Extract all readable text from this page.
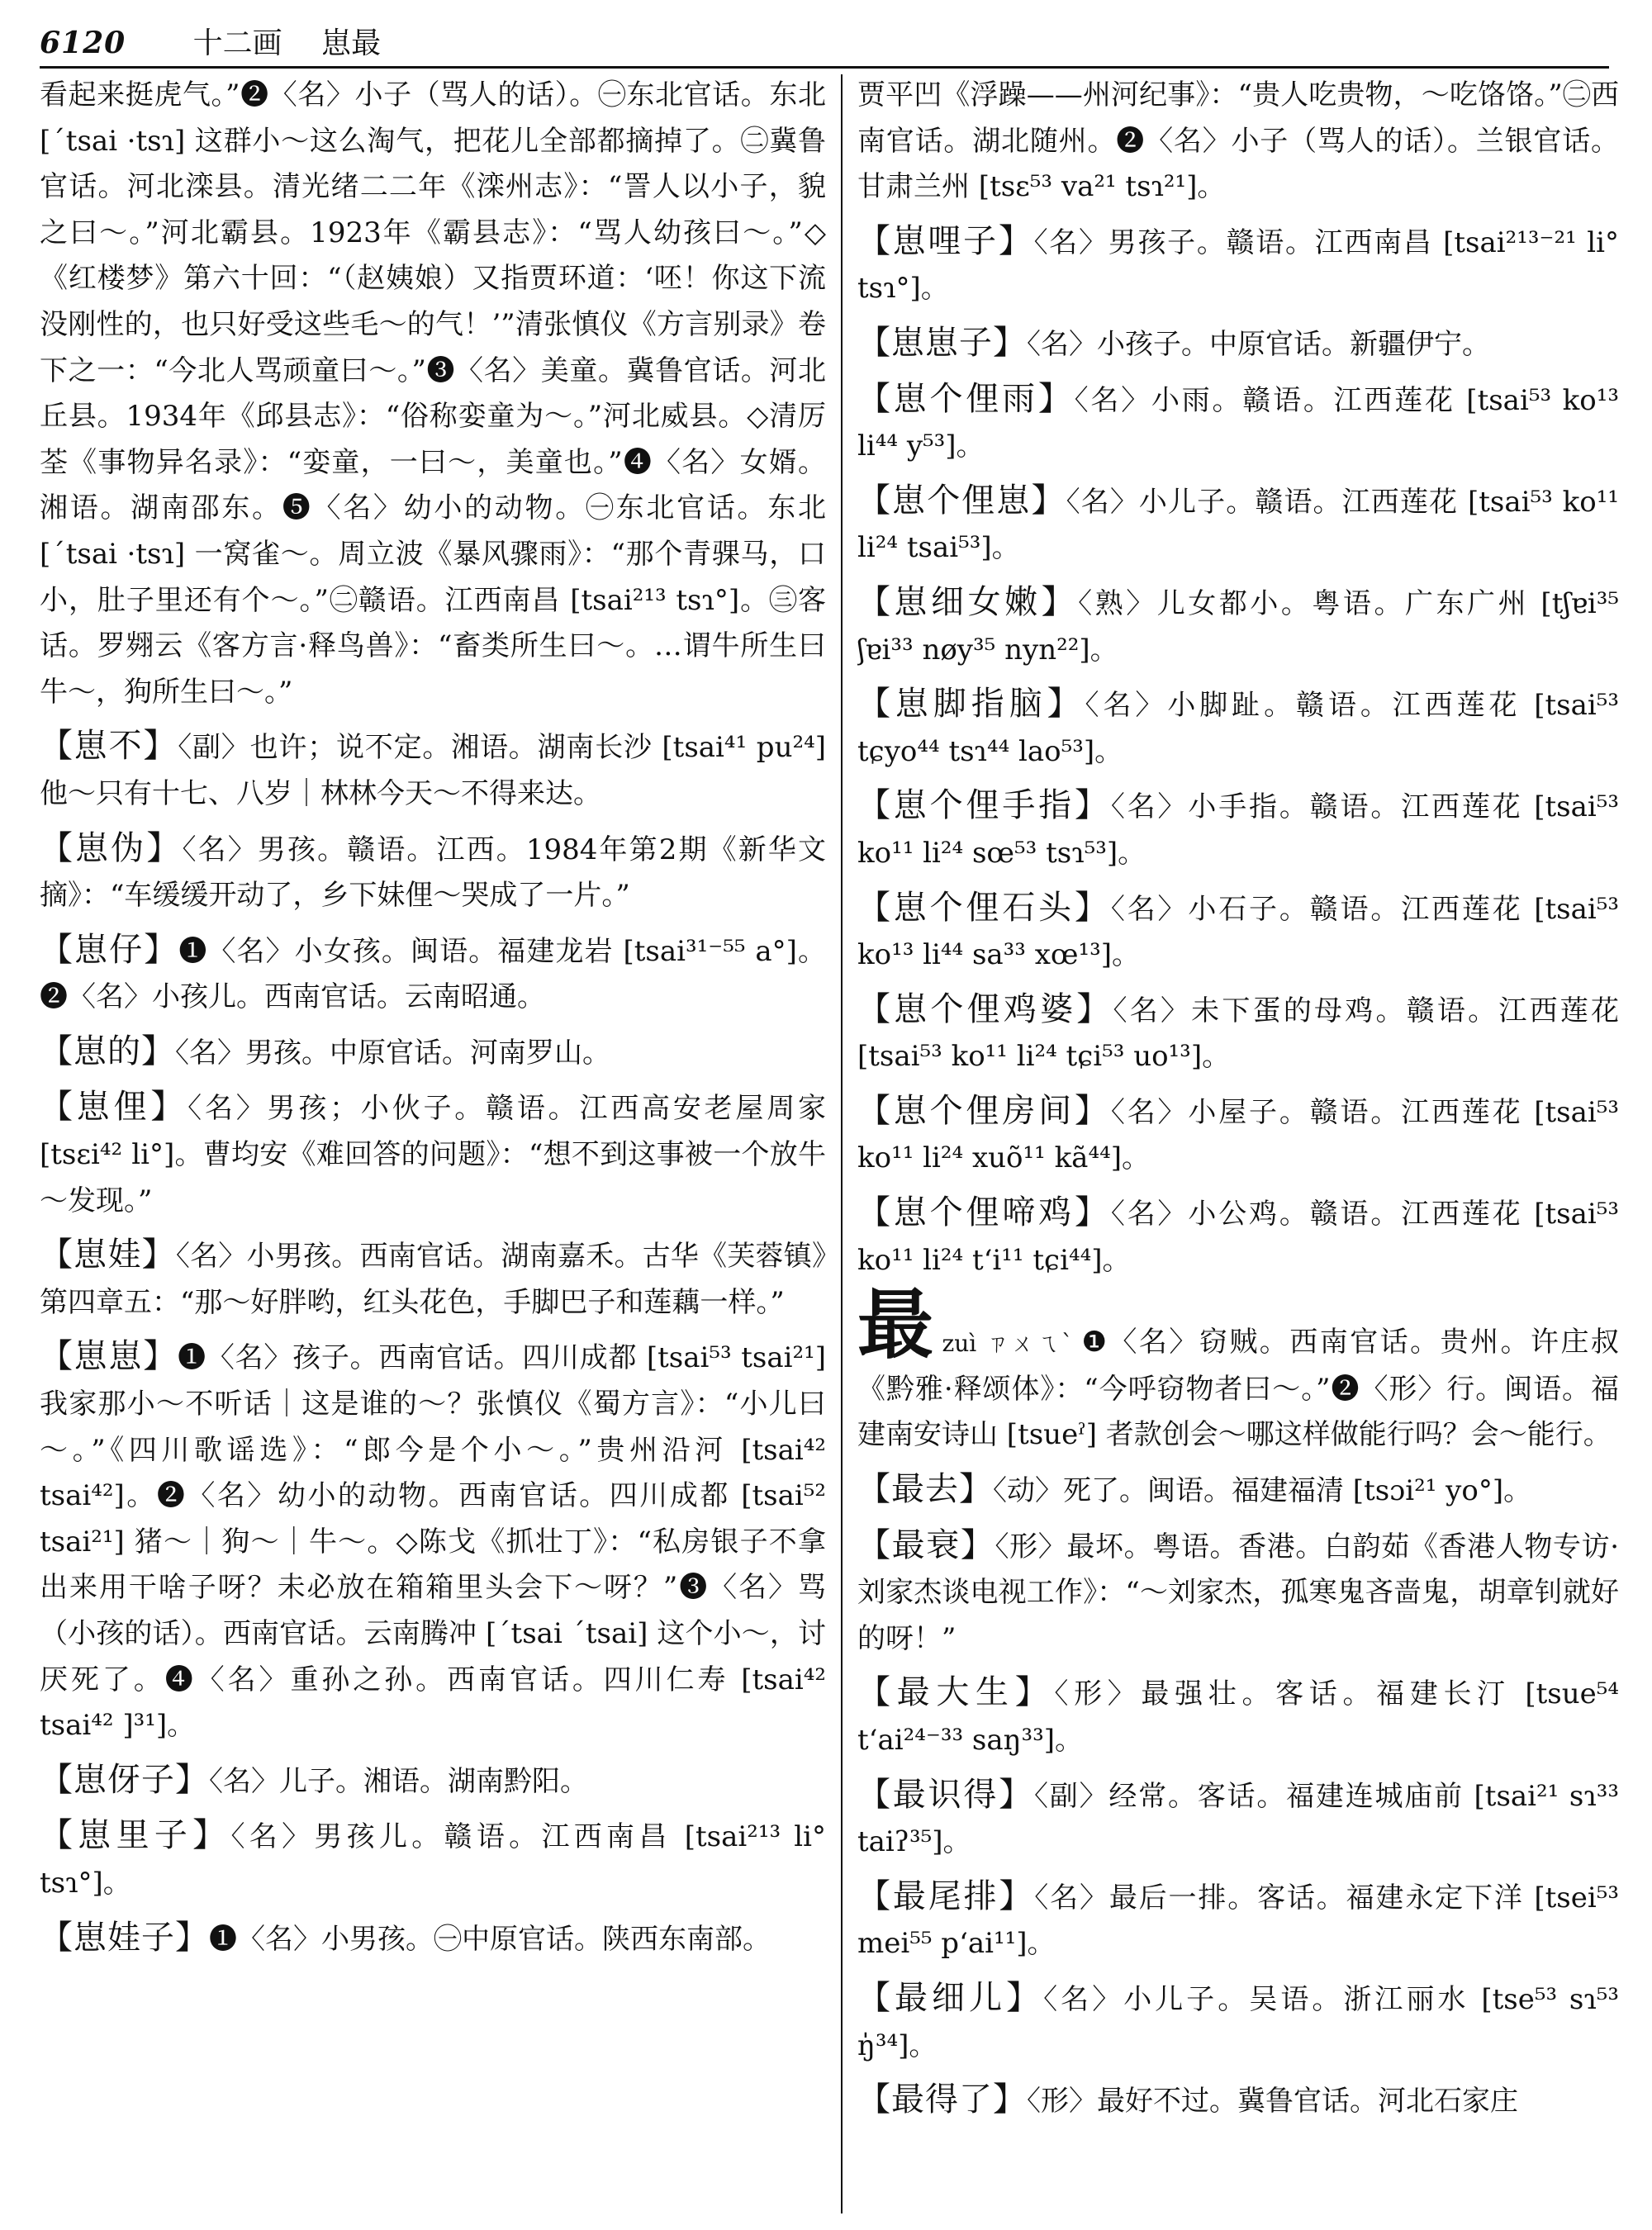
6120 十二画 崽最

看起来挺虎气。”❷〈名〉小子（骂人的话）。㊀东北官话。东北 [ˊtsai ·tsɿ] 这群小～这么淘气，把花儿全部都摘掉了。㊁冀鲁官话。河北滦县。清光绪二二年《滦州志》：“詈人以小子，貌之曰～。”河北霸县。1923年《霸县志》：“骂人幼孩曰～。”◇《红楼梦》第六十回：“（赵姨娘）又指贾环道：‘呸！你这下流没刚性的，也只好受这些毛～的气！’”清张慎仪《方言别录》卷下之一：“今北人骂顽童曰～。”❸〈名〉美童。冀鲁官话。河北丘县。1934年《邱县志》：“俗称娈童为～。”河北威县。◇清厉荃《事物异名录》：“娈童，一曰～，美童也。”❹〈名〉女婿。湘语。湖南邵东。❺〈名〉幼小的动物。㊀东北官话。东北 [ˊtsai ·tsɿ] 一窝雀～。周立波《暴风骤雨》：“那个青骒马，口小，肚子里还有个～。”㊁赣语。江西南昌 [tsai²¹³ tsɿ°]。㊂客话。罗翙云《客方言·释鸟兽》：“畜类所生曰～。…谓牛所生曰牛～，狗所生曰～。”

【崽不】〈副〉也许；说不定。湘语。湖南长沙 [tsai⁴¹ pu²⁴] 他～只有十七、八岁｜林林今天～不得来达。

【崽伪】〈名〉男孩。赣语。江西。1984年第2期《新华文摘》：“车缓缓开动了，乡下妹俚～哭成了一片。”

【崽仔】❶〈名〉小女孩。闽语。福建龙岩 [tsai³¹⁻⁵⁵ a°]。❷〈名〉小孩儿。西南官话。云南昭通。

【崽的】〈名〉男孩。中原官话。河南罗山。

【崽俚】〈名〉男孩；小伙子。赣语。江西高安老屋周家 [tsɛi⁴² li°]。曹均安《难回答的问题》：“想不到这事被一个放牛～发现。”

【崽娃】〈名〉小男孩。西南官话。湖南嘉禾。古华《芙蓉镇》第四章五：“那～好胖哟，红头花色，手脚巴子和莲藕一样。”

【崽崽】❶〈名〉孩子。西南官话。四川成都 [tsai⁵³ tsai²¹] 我家那小～不听话｜这是谁的～？张慎仪《蜀方言》：“小儿曰～。”《四川歌谣选》：“郎今是个小～。”贵州沿河 [tsai⁴² tsai⁴²]。❷〈名〉幼小的动物。西南官话。四川成都 [tsai⁵² tsai²¹] 猪～｜狗～｜牛～。◇陈戈《抓壮丁》：“私房银子不拿出来用干啥子呀？未必放在箱箱里头会下～呀？”❸〈名〉骂（小孩的话）。西南官话。云南腾冲 [ˊtsai ˊtsai] 这个小～，讨厌死了。❹〈名〉重孙之孙。西南官话。四川仁寿 [tsai⁴² tsai⁴² ]³¹]。

【崽伢子】〈名〉儿子。湘语。湖南黔阳。

【崽里子】〈名〉男孩儿。赣语。江西南昌 [tsai²¹³ li° tsɿ°]。

【崽娃子】❶〈名〉小男孩。㊀中原官话。陕西东南部。

贾平凹《浮躁——州河纪事》：“贵人吃贵物，～吃饹饹。”㊁西南官话。湖北随州。❷〈名〉小子（骂人的话）。兰银官话。甘肃兰州 [tsɛ⁵³ va²¹ tsɿ²¹]。

【崽哩子】〈名〉男孩子。赣语。江西南昌 [tsai²¹³⁻²¹ li° tsɿ°]。

【崽崽子】〈名〉小孩子。中原官话。新疆伊宁。

【崽个俚雨】〈名〉小雨。赣语。江西莲花 [tsai⁵³ ko¹³ li⁴⁴ y⁵³]。

【崽个俚崽】〈名〉小儿子。赣语。江西莲花 [tsai⁵³ ko¹¹ li²⁴ tsai⁵³]。

【崽细女嫩】〈熟〉儿女都小。粤语。广东广州 [tʃɐi³⁵ ʃɐi³³ nøy³⁵ nyn²²]。

【崽脚指脑】〈名〉小脚趾。赣语。江西莲花 [tsai⁵³ tɕyo⁴⁴ tsɿ⁴⁴ lao⁵³]。

【崽个俚手指】〈名〉小手指。赣语。江西莲花 [tsai⁵³ ko¹¹ li²⁴ sœ⁵³ tsɿ⁵³]。

【崽个俚石头】〈名〉小石子。赣语。江西莲花 [tsai⁵³ ko¹³ li⁴⁴ sa³³ xœ¹³]。

【崽个俚鸡婆】〈名〉未下蛋的母鸡。赣语。江西莲花 [tsai⁵³ ko¹¹ li²⁴ tɕi⁵³ uo¹³]。

【崽个俚房间】〈名〉小屋子。赣语。江西莲花 [tsai⁵³ ko¹¹ li²⁴ xuõ¹¹ kã⁴⁴]。

【崽个俚啼鸡】〈名〉小公鸡。赣语。江西莲花 [tsai⁵³ ko¹¹ li²⁴ tʻi¹¹ tɕi⁴⁴]。

最zuì ㄗㄨㄟˋ ❶〈名〉窃贼。西南官话。贵州。许庄叔《黔雅·释颂体》：“今呼窃物者曰～。”❷〈形〉行。闽语。福建南安诗山 [tsueˀ] 者款创会～哪这样做能行吗？会～能行。

【最去】〈动〉死了。闽语。福建福清 [tsɔi²¹ yo°]。

【最衰】〈形〉最坏。粤语。香港。白韵茹《香港人物专访·刘家杰谈电视工作》：“～刘家杰，孤寒鬼吝啬鬼，胡章钊就好的呀！”

【最大生】〈形〉最强壮。客话。福建长汀 [tsue⁵⁴ tʻai²⁴⁻³³ saŋ³³]。

【最识得】〈副〉经常。客话。福建连城庙前 [tsai²¹ sɿ³³ taiʔ³⁵]。

【最尾排】〈名〉最后一排。客话。福建永定下洋 [tsei⁵³ mei⁵⁵ pʻai¹¹]。

【最细儿】〈名〉小儿子。吴语。浙江丽水 [tse⁵³ sɿ⁵³ ŋ̍³⁴]。

【最得了】〈形〉最好不过。冀鲁官话。河北石家庄
